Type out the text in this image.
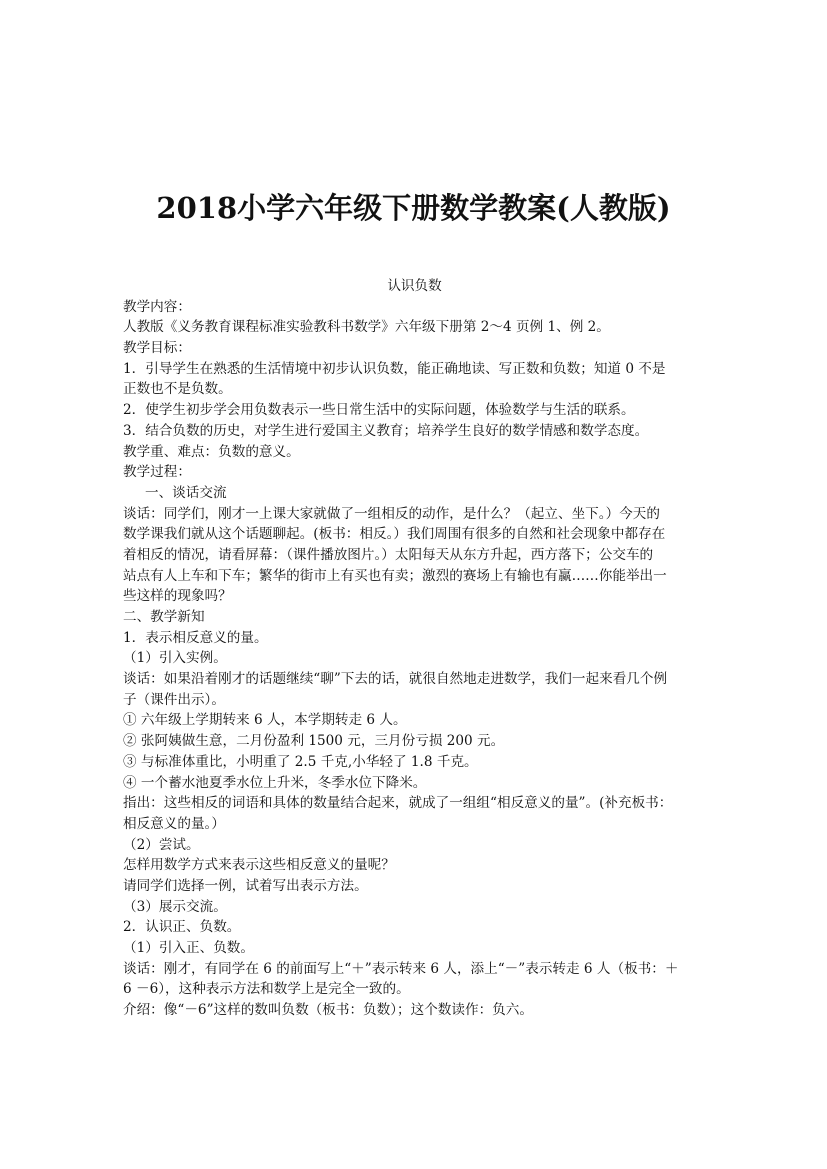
2018小学六年级下册数学教案(人教版)
认识负数
教学内容：
人教版《义务教育课程标准实验教科书数学》六年级下册第 2～4 页例 1、例 2。
教学目标：
1．引导学生在熟悉的生活情境中初步认识负数，能正确地读、写正数和负数；知道 0 不是
正数也不是负数。
2．使学生初步学会用负数表示一些日常生活中的实际问题，体验数学与生活的联系。
3．结合负数的历史，对学生进行爱国主义教育；培养学生良好的数学情感和数学态度。
教学重、难点：负数的意义。
教学过程：
一、谈话交流
谈话：同学们，刚才一上课大家就做了一组相反的动作，是什么？（起立、坐下。）今天的
数学课我们就从这个话题聊起。(板书：相反。）我们周围有很多的自然和社会现象中都存在
着相反的情况，请看屏幕：（课件播放图片。）太阳每天从东方升起，西方落下；公交车的
站点有人上车和下车；繁华的街市上有买也有卖；激烈的赛场上有输也有赢……你能举出一
些这样的现象吗？
二、教学新知
1．表示相反意义的量。
（1）引入实例。
谈话：如果沿着刚才的话题继续“聊”下去的话，就很自然地走进数学，我们一起来看几个例
子（课件出示）。
① 六年级上学期转来 6 人，本学期转走 6 人。
② 张阿姨做生意，二月份盈利 1500 元，三月份亏损 200 元。
③ 与标准体重比，小明重了 2.5 千克,小华轻了 1.8 千克。
④ 一个蓄水池夏季水位上升米，冬季水位下降米。
指出：这些相反的词语和具体的数量结合起来，就成了一组组“相反意义的量”。(补充板书：
相反意义的量。）
（2）尝试。
怎样用数学方式来表示这些相反意义的量呢？
请同学们选择一例，试着写出表示方法。
（3）展示交流。
2．认识正、负数。
（1）引入正、负数。
谈话：刚才，有同学在 6 的前面写上“＋”表示转来 6 人，添上“－”表示转走 6 人（板书：＋
6 －6），这种表示方法和数学上是完全一致的。
介绍：像“－6”这样的数叫负数（板书：负数）；这个数读作：负六。
